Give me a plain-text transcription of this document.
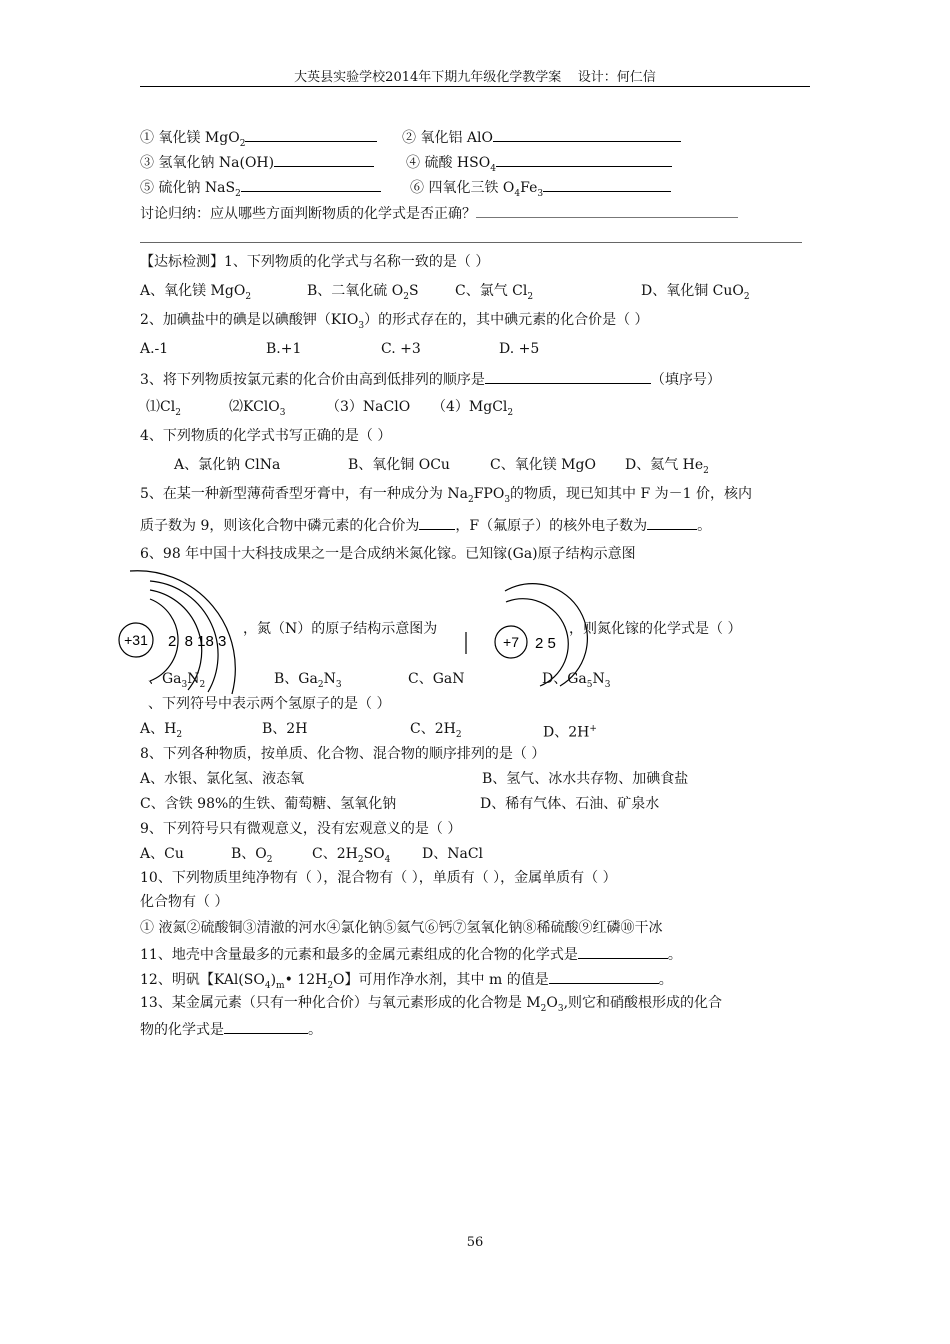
大英县实验学校2014年下期九年级化学教学案 设计：何仁信
① 氧化镁 MgO$_2$	② 氧化铝 AlO
③ 氢氧化钠 Na(OH)	④ 硫酸 $HSO_4$
⑤ 硫化钠 NaS$_2$	⑥ 四氧化三铁 $O_4Fe_3$
讨论归纳：应从哪些方面判断物质的化学式是否正确？
【达标检测】1、下列物质的化学式与名称一致的是（ ）
A、氧化镁 MgO$_2$	B、二氧化硫 $O_2S$	C、氯气 $Cl_2$	D、氧化铜 CuO$_2$
2、加碘盐中的碘是以碘酸钾$(KIO_3)$的形式存在的，其中碘元素的化合价是（ ）
A.-1	B.+1	C. +3	D. +5
3、将下列物质按氯元素的化合价由高到低排列的顺序是	（填序号）
$⑴Cl_2$	⑵KClO$_3$	（3）NaClO （4）MgCl$_2$
4、下列物质的化学式书写正确的是（ ）
A、氯化钠 ClNa	B、氧化铜 OCu	C、氧化镁 MgO D、氦气 $He_2$
5、在某一种新型薄荷香型牙膏中，有一种成分为 $Na_2FPO_3$的物质，现已知其中 F 为－1 价，核内
质子数为 9，则该化合物中磷元素的化合价为	，F（氟原子）的核外电子数为	。
6、98 年中国十大科技成果之一是合成纳米氮化镓。已知镓(Ga)原子结构示意图
+31 2  8 18 3	+7 2 5
，氮（N）的原子结构示意图为	，则氮化镓的化学式是（ ）
、$Ga_3N_2$	B、$Ga_2N_3$	C、GaN	D、$Ga_5N_3$
、下列符号中表示两个氢原子的是（ ）
A、$H_2$	B、2H	C、$2H_2$	D、2H+
8、下列各种物质，按单质、化合物、混合物的顺序排列的是（ ）
A、水银、氯化氢、液态氧	B、氢气、冰水共存物、加碘食盐
C、含铁 98%的生铁、葡萄糖、氢氧化钠	D、稀有气体、石油、矿泉水
9、下列符号只有微观意义，没有宏观意义的是（ ）
A、Cu	B、$O_2$	C、$2H_2SO_4$ D、NaCl
10、下列物质里纯净物有（ ），混合物有（ ），单质有（ ），金属单质有（ ）
化合物有（ ）
① 液氮②硫酸铜③清澈的河水④氯化钠⑤氦气⑥钙⑦氢氧化钠⑧稀硫酸⑨红磷⑩干冰
11、地壳中含量最多的元素和最多的金属元素组成的化合物的化学式是	。
12、明矾【$KAl(SO_4)_m•$ $12H_2O$】可用作净水剂，其中 m 的值是	。
13、某金属元素（只有一种化合价）与氧元素形成的化合物是 $M_2O_3$,则它和硝酸根形成的化合
物的化学式是	。
56
